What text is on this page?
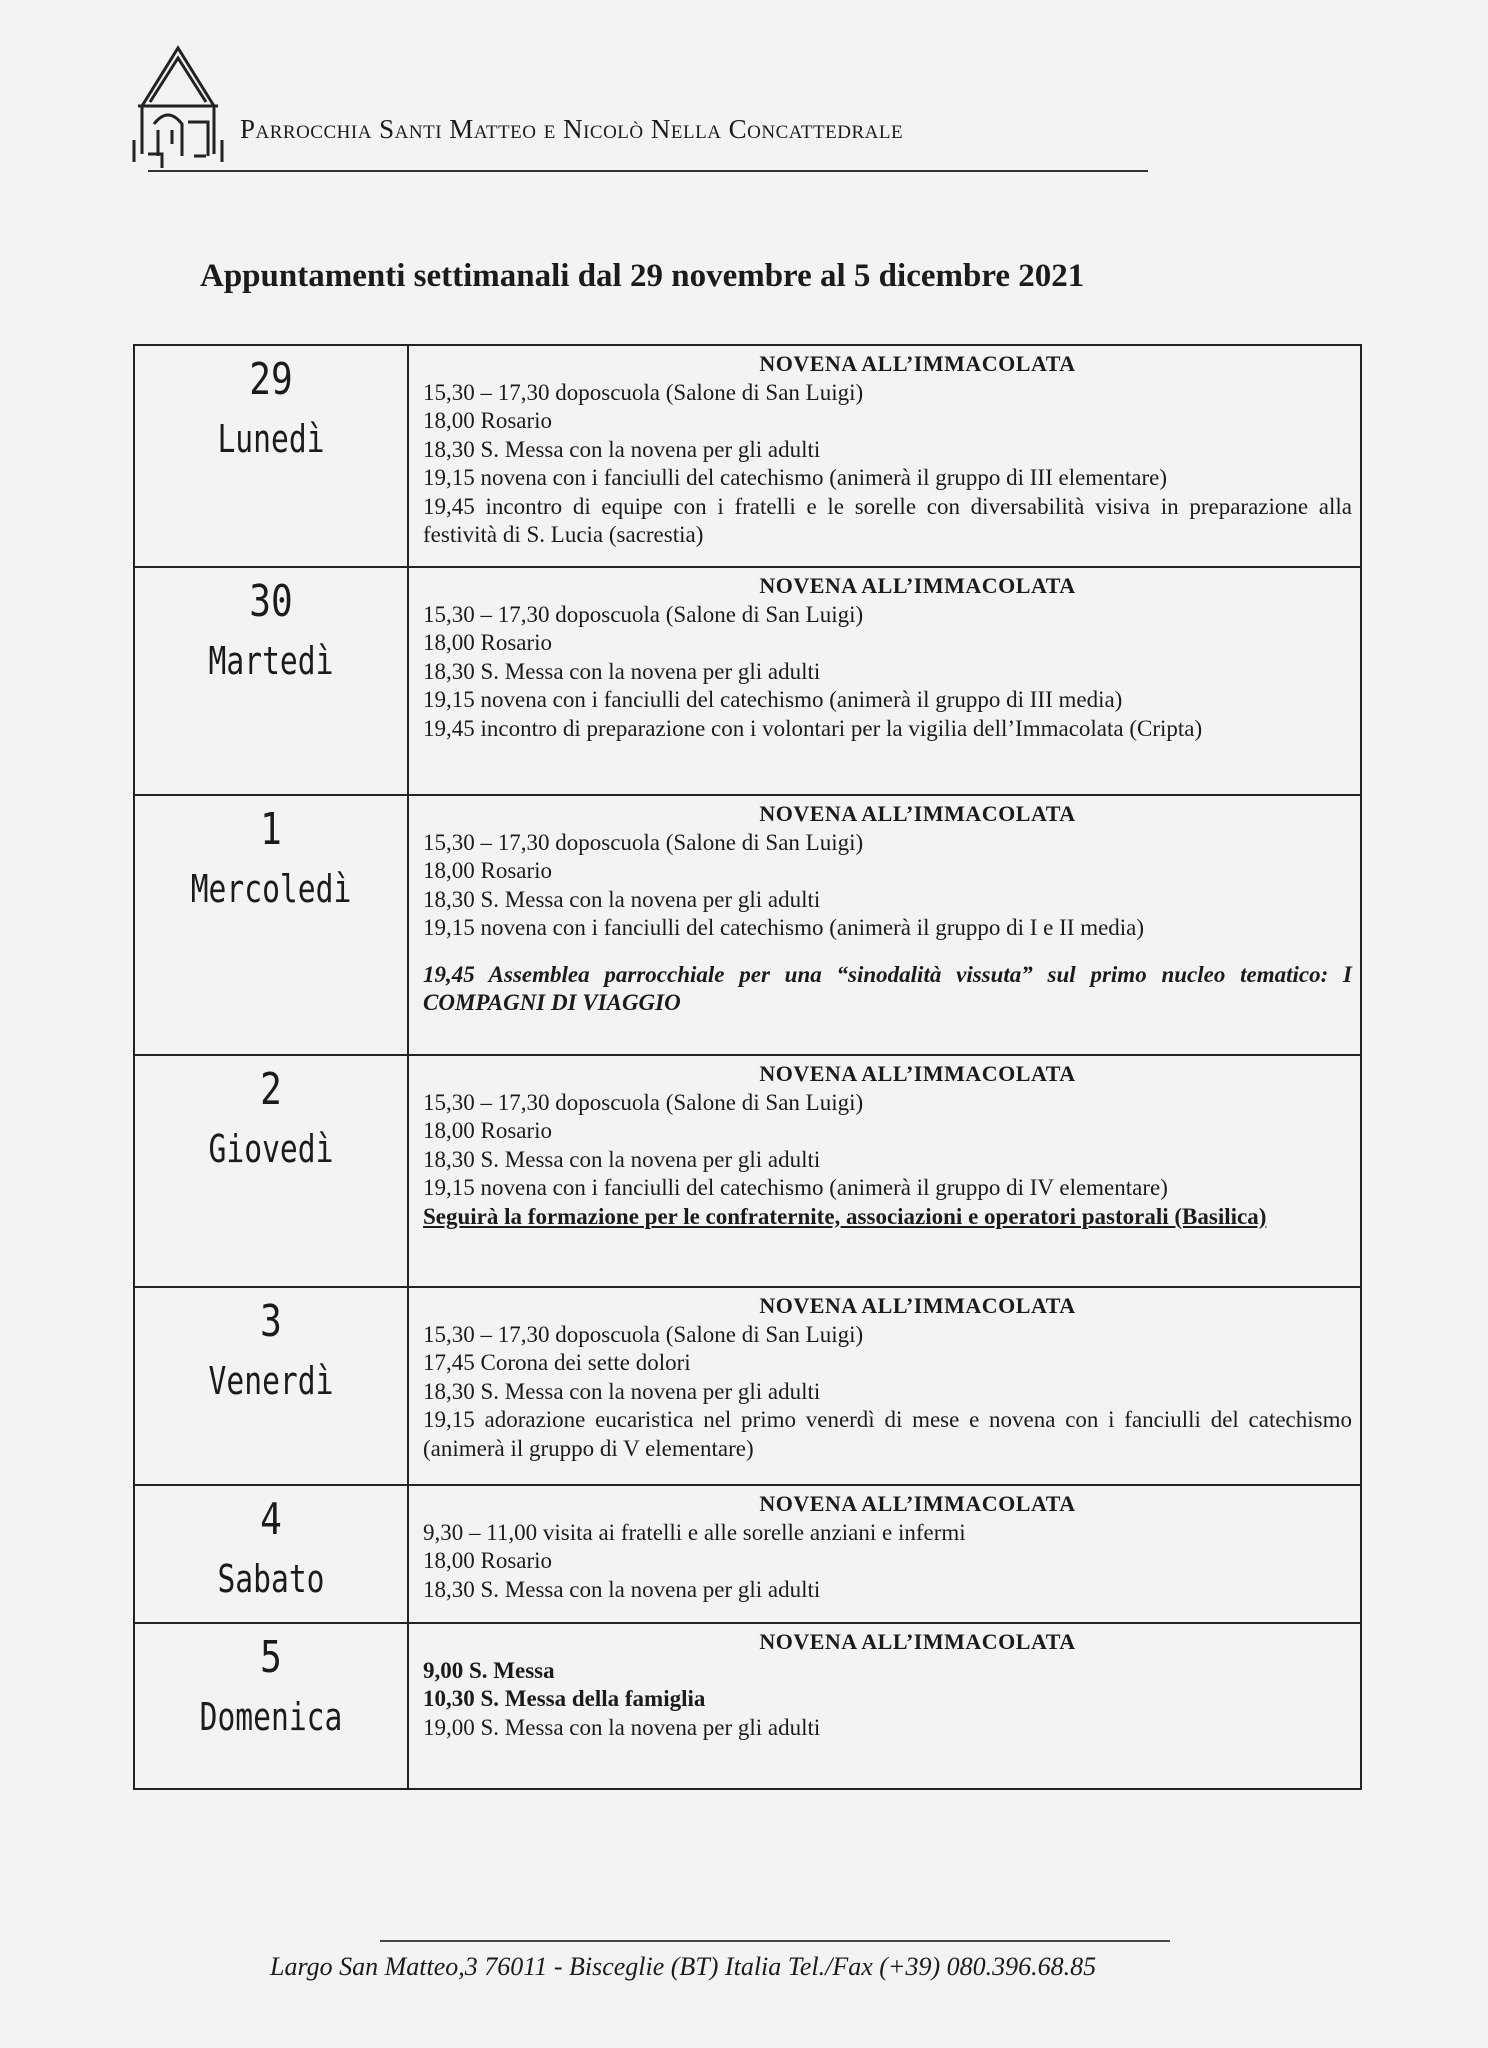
Parrocchia Santi Matteo e Nicolò Nella Concattedrale
Appuntamenti settimanali dal 29 novembre al 5 dicembre 2021
29
Lunedì
NOVENA ALL’IMMACOLATA
15,30 – 17,30 doposcuola (Salone di San Luigi)
18,00 Rosario
18,30 S. Messa con la novena per gli adulti
19,15 novena con i fanciulli del catechismo (animerà il gruppo di III elementare)
19,45 incontro di equipe con i fratelli e le sorelle con diversabilità visiva in preparazione alla festività di S. Lucia (sacrestia)
30
Martedì
NOVENA ALL’IMMACOLATA
15,30 – 17,30 doposcuola (Salone di San Luigi)
18,00 Rosario
18,30 S. Messa con la novena per gli adulti
19,15 novena con i fanciulli del catechismo (animerà il gruppo di III media)
19,45 incontro di preparazione con i volontari per la vigilia dell’Immacolata (Cripta)
1
Mercoledì
NOVENA ALL’IMMACOLATA
15,30 – 17,30 doposcuola (Salone di San Luigi)
18,00 Rosario
18,30 S. Messa con la novena per gli adulti
19,15 novena con i fanciulli del catechismo (animerà il gruppo di I e II media)
19,45 Assemblea parrocchiale per una “sinodalità vissuta” sul primo nucleo tematico: I COMPAGNI DI VIAGGIO
2
Giovedì
NOVENA ALL’IMMACOLATA
15,30 – 17,30 doposcuola (Salone di San Luigi)
18,00 Rosario
18,30 S. Messa con la novena per gli adulti
19,15 novena con i fanciulli del catechismo (animerà il gruppo di IV elementare)
Seguirà la formazione per le confraternite, associazioni e operatori pastorali (Basilica)
3
Venerdì
NOVENA ALL’IMMACOLATA
15,30 – 17,30 doposcuola (Salone di San Luigi)
17,45 Corona dei sette dolori
18,30 S. Messa con la novena per gli adulti
19,15 adorazione eucaristica nel primo venerdì di mese e novena con i fanciulli del catechismo (animerà il gruppo di V elementare)
4
Sabato
NOVENA ALL’IMMACOLATA
9,30 – 11,00 visita ai fratelli e alle sorelle anziani e infermi
18,00 Rosario
18,30 S. Messa con la novena per gli adulti
5
Domenica
NOVENA ALL’IMMACOLATA
9,00 S. Messa
10,30 S. Messa della famiglia
19,00 S. Messa con la novena per gli adulti
Largo San Matteo,3 76011 - Bisceglie (BT) Italia Tel./Fax (+39) 080.396.68.85
